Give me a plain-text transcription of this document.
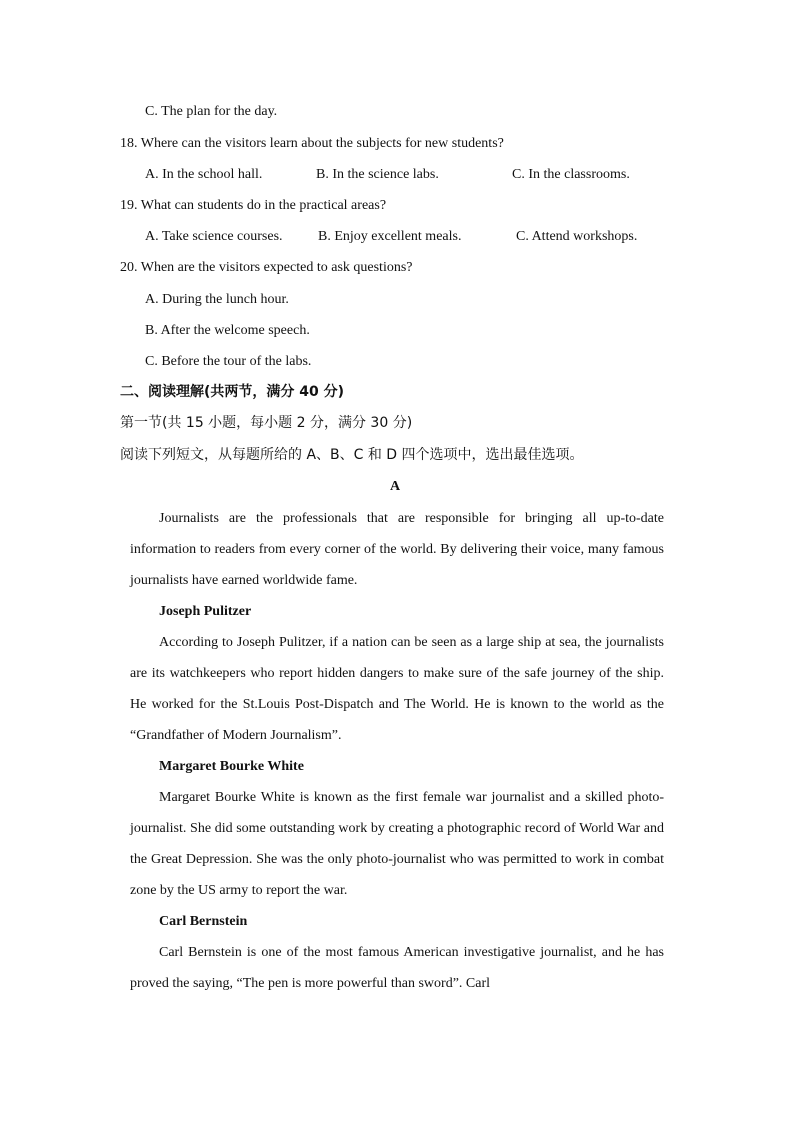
C. The plan for the day.
18. Where can the visitors learn about the subjects for new students?
A. In the school hall.	B. In the science labs.	C. In the classrooms.
19. What can students do in the practical areas?
A. Take science courses.	B. Enjoy excellent meals.	C. Attend workshops.
20. When are the visitors expected to ask questions?
A. During the lunch hour.
B. After the welcome speech.
C. Before the tour of the labs.
二、阅读理解(共两节，满分 40 分)
第一节(共 15 小题，每小题 2 分，满分 30 分)
阅读下列短文，从每题所给的 A、B、C 和 D 四个选项中，选出最佳选项。
A

Journalists are the professionals that are responsible for bringing all up-to-date information to readers from every corner of the world. By delivering their voice, many famous journalists have earned worldwide fame.

Joseph Pulitzer

According to Joseph Pulitzer, if a nation can be seen as a large ship at sea, the journalists are its watchkeepers who report hidden dangers to make sure of the safe journey of the ship. He worked for the St.Louis Post-Dispatch and The World. He is known to the world as the “Grandfather of Modern Journalism”.

Margaret Bourke White

Margaret Bourke White is known as the first female war journalist and a skilled photo-journalist. She did some outstanding work by creating a photographic record of World War and the Great Depression. She was the only photo-journalist who was permitted to work in combat zone by the US army to report the war.

Carl Bernstein

Carl Bernstein is one of the most famous American investigative journalist, and he has proved the saying, “The pen is more powerful than sword”. Carl
